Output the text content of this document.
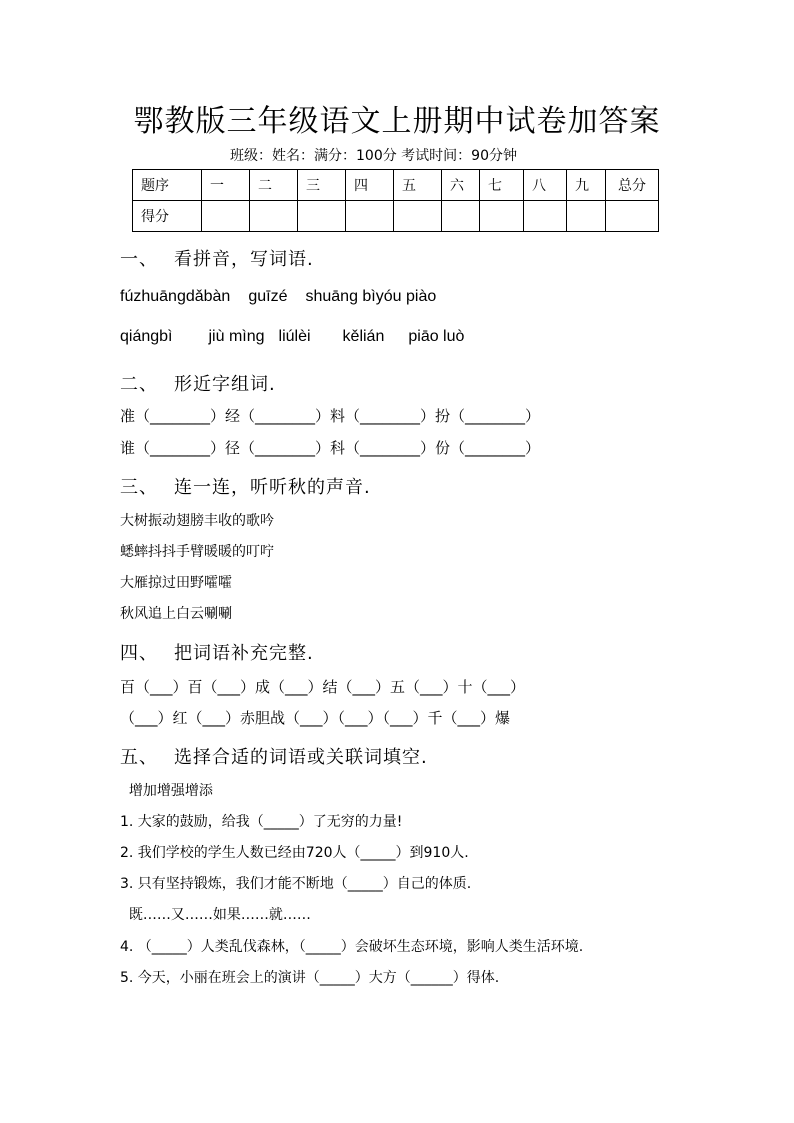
鄂教版三年级语文上册期中试卷加答案
班级：姓名：满分：100分 考试时间：90分钟
题序	一	二	三	四	五	六	七	八	九	总分
得分										
一、 看拼音，写词语.
fúzhuāngdǎbàn guīzé shuāng bìyóu piào
qiángbì jiù mìng liúlèi kělián piāo luò
二、 形近字组词.
准（________）经（________）料（________）扮（________）
谁（________）径（________）科（________）份（________）
三、 连一连，听听秋的声音.
大树振动翅膀丰收的歌吟
蟋蟀抖抖手臂暖暖的叮咛
大雁掠过田野嚯嚯
秋风追上白云唰唰
四、 把词语补充完整.
百（___）百（___）成（___）结（___）五（___）十（___）
（___）红（___）赤胆战（___）（___）（___）千（___）爆
五、 选择合适的词语或关联词填空.
增加增强增添
1. 大家的鼓励，给我（_____）了无穷的力量!
2. 我们学校的学生人数已经由720人（_____）到910人.
3. 只有坚持锻炼，我们才能不断地（_____）自己的体质.
既……又……如果……就……
4. （_____）人类乱伐森林，（_____）会破坏生态环境，影响人类生活环境.
5. 今天，小丽在班会上的演讲（_____）大方（______）得体.
